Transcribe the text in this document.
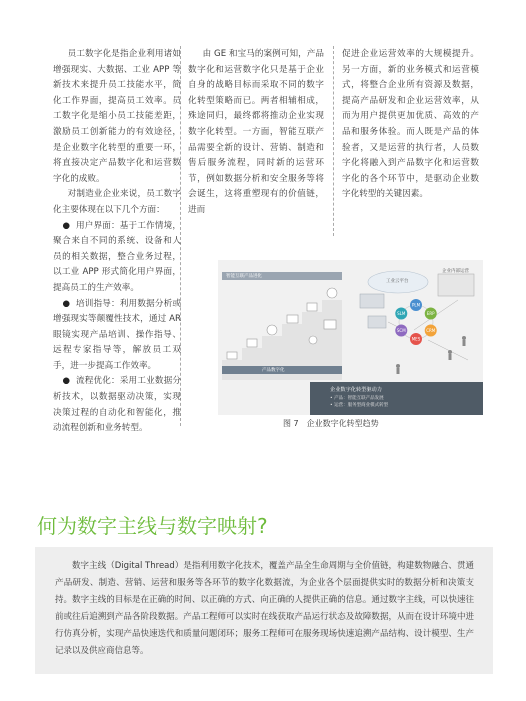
员工数字化是指企业利用诸如增强现实、大数据、工业 APP 等新技术来提升员工技能水平，简化工作界面，提高员工效率。员工数字化是缩小员工技能差距，激励员工创新能力的有效途径，是企业数字化转型的重要一环，将直接决定产品数字化和运营数字化的成败。

对制造业企业来说，员工数字化主要体现在以下几个方面：

● 用户界面：基于工作情境，聚合来自不同的系统、设备和人员的相关数据，整合业务过程，以工业 APP 形式简化用户界面，提高员工的生产效率。

● 培训指导：利用数据分析或增强现实等颠覆性技术，通过 AR 眼镜实现产品培训、操作指导、远程专家指导等，解放员工双手，进一步提高工作效率。

● 流程优化：采用工业数据分析技术，以数据驱动决策，实现决策过程的自动化和智能化，推动流程创新和业务转型。

由 GE 和宝马的案例可知，产品数字化和运营数字化只是基于企业自身的战略目标而采取不同的数字化转型策略而已。两者相辅相成，殊途同归，最终都将推动企业实现数字化转型。一方面，智能互联产品需要全新的设计、营销、制造和售后服务流程，同时新的运营环节，例如数据分析和安全服务等将会诞生，这将重塑现有的价值链，进而

促进企业运营效率的大规模提升。另一方面，新的业务模式和运营模式，将整合企业所有资源及数据，提高产品研发和企业运营效率，从而为用户提供更加优质、高效的产品和服务体验。而人既是产品的体验者，又是运营的执行者，人员数字化将融入到产品数字化和运营数字化的各个环节中，是驱动企业数字化转型的关键因素。

PLM
ERP
CRM
MES
SCM
SLM
智能互联产品进化
产品数字化
工业云平台
企业内部运营
企业数字化转型驱动力
• 产品：智能互联产品发展
• 运营：服务型商业模式转型
图 7　企业数字化转型趋势
何为数字主线与数字映射?

数字主线（Digital Thread）是指利用数字化技术，覆盖产品全生命周期与全价值链，构建数物融合、贯通产品研发、制造、营销、运营和服务等各环节的数字化数据流，为企业各个层面提供实时的数据分析和决策支持。数字主线的目标是在正确的时间、以正确的方式、向正确的人提供正确的信息。通过数字主线，可以快速往前或往后追溯到产品各阶段数据。产品工程师可以实时在线获取产品运行状态及故障数据，从而在设计环境中进行仿真分析，实现产品快速迭代和质量问题闭环；服务工程师可在服务现场快速追溯产品结构、设计模型、生产记录以及供应商信息等。
